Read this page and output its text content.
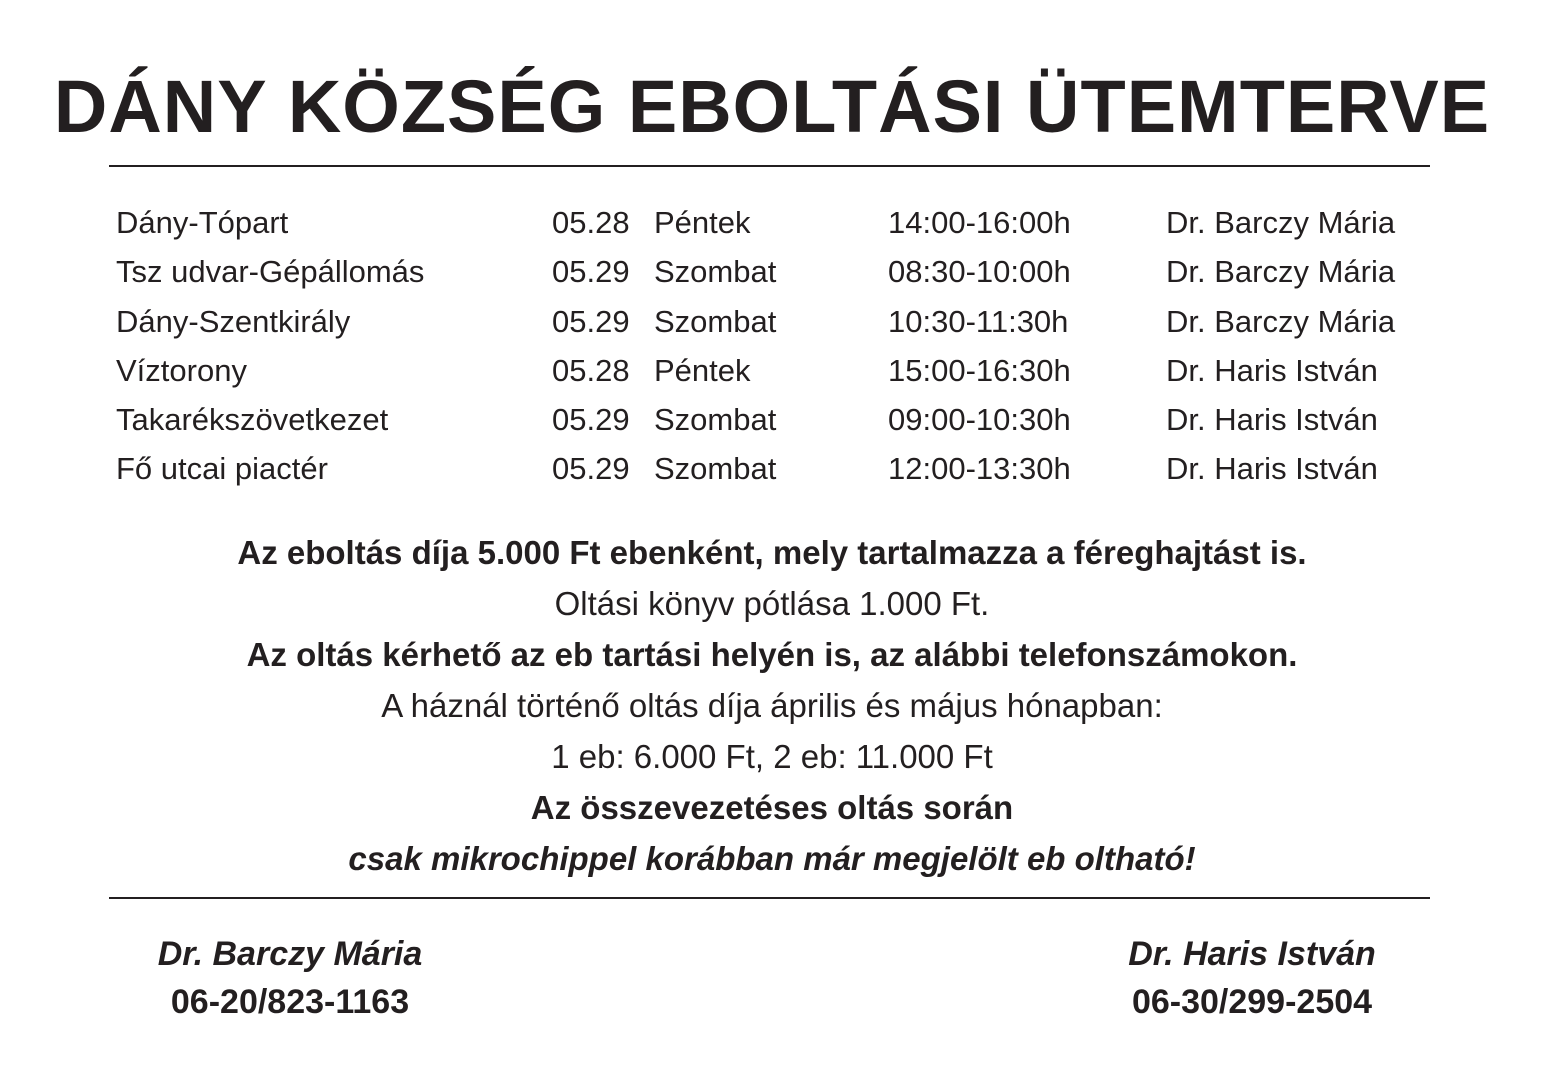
DÁNY KÖZSÉG EBOLTÁSI ÜTEMTERVE
Dány-Tópart	05.28 Péntek	14:00-16:00h	Dr. Barczy Mária
Tsz udvar-Gépállomás	05.29 Szombat	08:30-10:00h	Dr. Barczy Mária
Dány-Szentkirály	05.29 Szombat	10:30-11:30h	Dr. Barczy Mária
Víztorony	05.28 Péntek	15:00-16:30h	Dr. Haris István
Takarékszövetkezet	05.29 Szombat	09:00-10:30h	Dr. Haris István
Fő utcai piactér	05.29 Szombat	12:00-13:30h	Dr. Haris István
Az eboltás díja 5.000 Ft ebenként, mely tartalmazza a féreghajtást is.
Oltási könyv pótlása 1.000 Ft.
Az oltás kérhető az eb tartási helyén is, az alábbi telefonszámokon.
A háznál történő oltás díja április és május hónapban:
1 eb: 6.000 Ft, 2 eb: 11.000 Ft
Az összevezetéses oltás során
csak mikrochippel korábban már megjelölt eb oltható!
Dr. Barczy Mária
06-20/823-1163
Dr. Haris István
06-30/299-2504
